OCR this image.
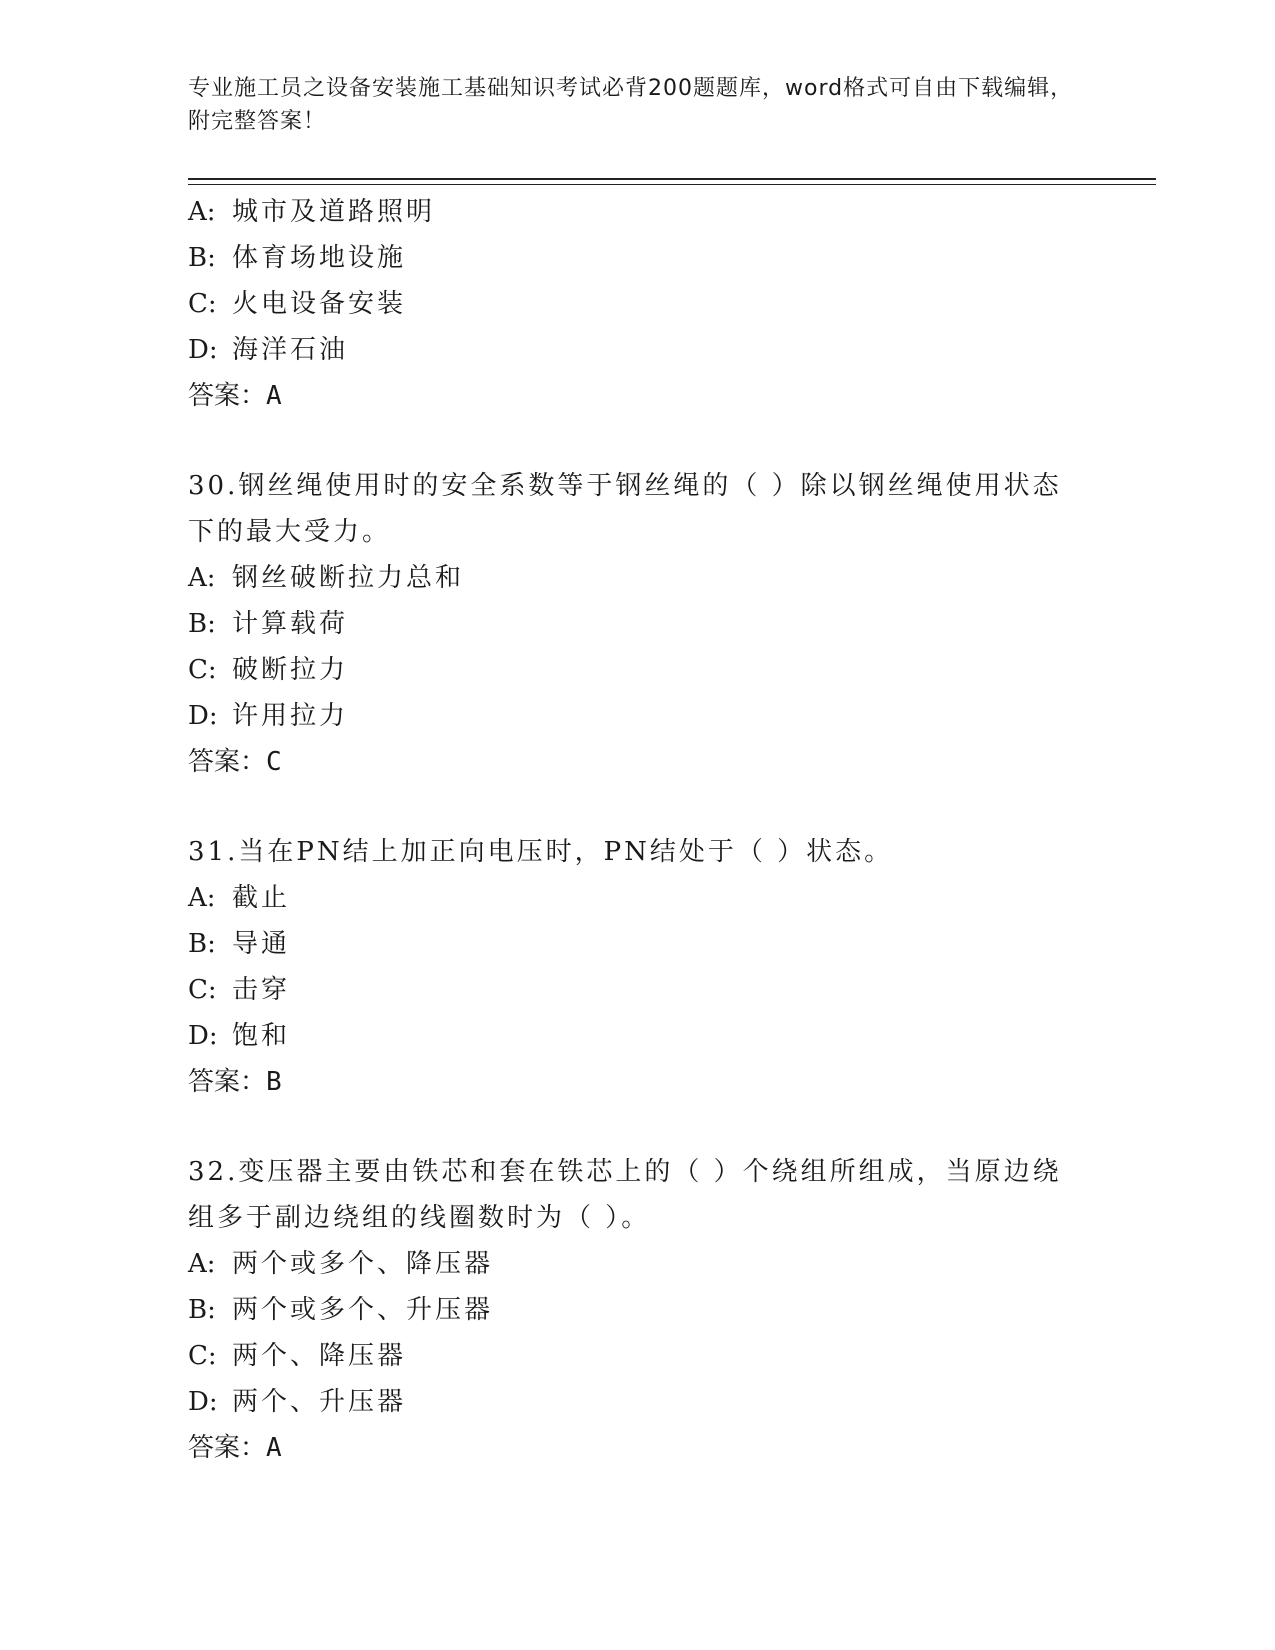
专业施工员之设备安装施工基础知识考试必背200题题库，word格式可自由下载编辑，附完整答案！
A: 城市及道路照明
B: 体育场地设施
C: 火电设备安装
D: 海洋石油
答案：A
30.钢丝绳使用时的安全系数等于钢丝绳的（ ）除以钢丝绳使用状态
下的最大受力。
A: 钢丝破断拉力总和
B: 计算载荷
C: 破断拉力
D: 许用拉力
答案：C
31.当在PN结上加正向电压时，PN结处于（ ）状态。
A: 截止
B: 导通
C: 击穿
D: 饱和
答案：B
32.变压器主要由铁芯和套在铁芯上的（ ）个绕组所组成，当原边绕
组多于副边绕组的线圈数时为（ ）。
A: 两个或多个、降压器
B: 两个或多个、升压器
C: 两个、降压器
D: 两个、升压器
答案：A
